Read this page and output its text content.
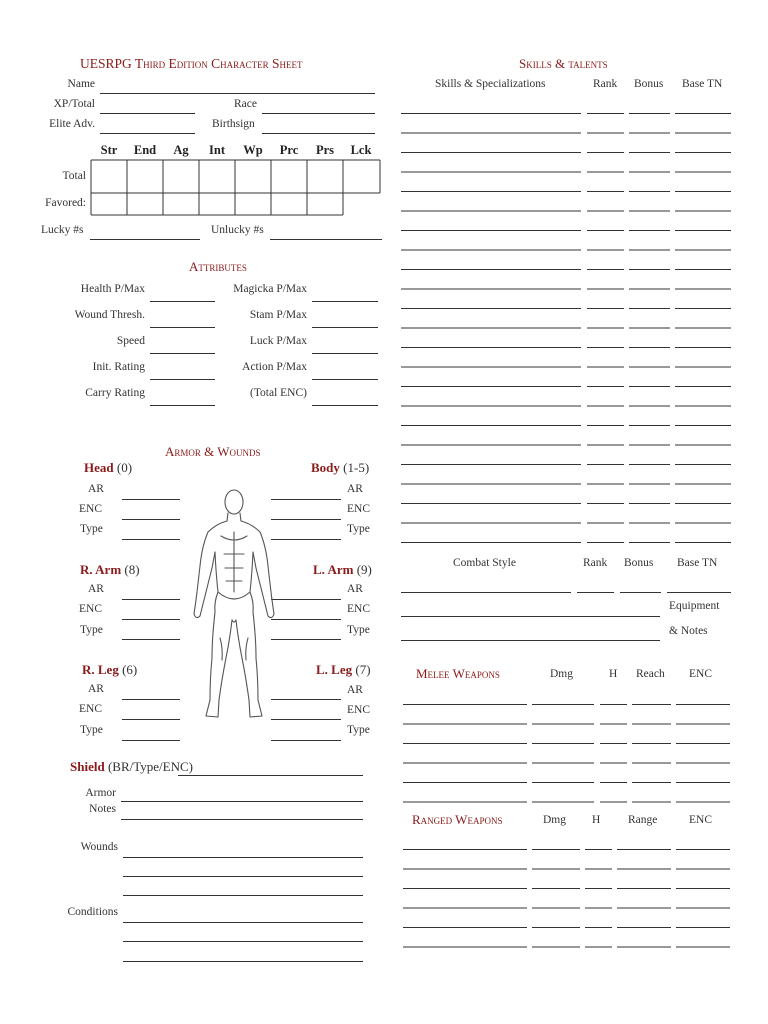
UESRPG Third Edition Character Sheet
Name
XP/Total	Race
Elite Adv.	Birthsign
Str	End	Ag	Int	Wp	Prc	Prs	Lck
Total
Favored:
Lucky #s	Unlucky #s
Attributes
Health P/Max	Magicka P/Max
Wound Thresh.	Stam P/Max
Speed	Luck P/Max
Init. Rating	Action P/Max
Carry Rating	(Total ENC)
Armor & Wounds
Head (0)
AR
ENC
Type
Body (1-5)
AR
ENC
Type
R. Arm (8)
AR
ENC
Type
L. Arm (9)
AR
ENC
Type
R. Leg (6)
AR
ENC
Type
L. Leg (7)
AR
ENC
Type
Shield (BR/Type/ENC)
Armor
Notes
Wounds
Conditions
Skills & talents
Skills & Specializations	Rank Bonus Base TN
Combat Style	Rank Bonus Base TN
Equipment
& Notes
Melee Weapons	Dmg	H Reach ENC
Ranged Weapons	Dmg H Range	ENC
